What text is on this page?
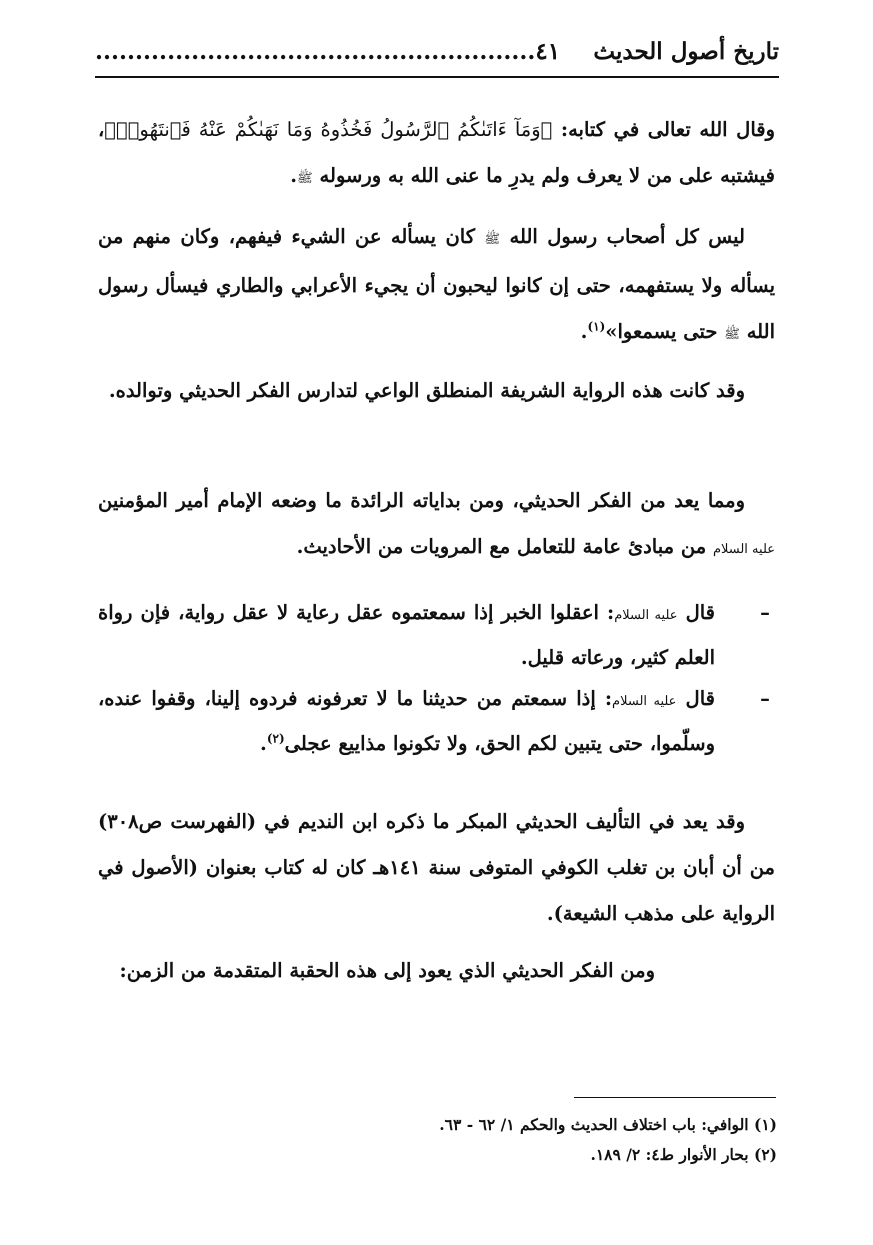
تاريخ أصول الحديث
٤١.......................................................
وقال الله تعالى في كتابه: ﴿وَمَآ ءَاتَىٰكُمُ ٱلرَّسُولُ فَخُذُوهُ وَمَا نَهَىٰكُمْ عَنْهُ فَٱنتَهُوا۟﴾، فيشتبه على من لا يعرف ولم يدرِ ما عنى الله به ورسوله ﷺ.
ليس كل أصحاب رسول الله ﷺ كان يسأله عن الشيء فيفهم، وكان منهم من يسأله ولا يستفهمه، حتى إن كانوا ليحبون أن يجيء الأعرابي والطاري فيسأل رسول الله ﷺ حتى يسمعوا»$^{(١)}$.
وقد كانت هذه الرواية الشريفة المنطلق الواعي لتدارس الفكر الحديثي وتوالده.
ومما يعد من الفكر الحديثي، ومن بداياته الرائدة ما وضعه الإمام أمير المؤمنين عليه السلام من مبادئ عامة للتعامل مع المرويات من الأحاديث.
–
قال عليه السلام: اعقلوا الخبر إذا سمعتموه عقل رعاية لا عقل رواية، فإن رواة العلم كثير، ورعاته قليل.
–
قال عليه السلام: إذا سمعتم من حديثنا ما لا تعرفونه فردوه إلينا، وقفوا عنده، وسلّموا، حتى يتبين لكم الحق، ولا تكونوا مذاييع عجلى$^{(٢)}$.
وقد يعد في التأليف الحديثي المبكر ما ذكره ابن النديم في (الفهرست ص٣٠٨) من أن أبان بن تغلب الكوفي المتوفى سنة ١٤١هـ كان له كتاب بعنوان (الأصول في الرواية على مذهب الشيعة).
ومن الفكر الحديثي الذي يعود إلى هذه الحقبة المتقدمة من الزمن:
(١) الوافي: باب اختلاف الحديث والحكم ١/ ٦٢ - ٦٣.
(٢) بحار الأنوار ط٤: ٢/ ١٨٩.
